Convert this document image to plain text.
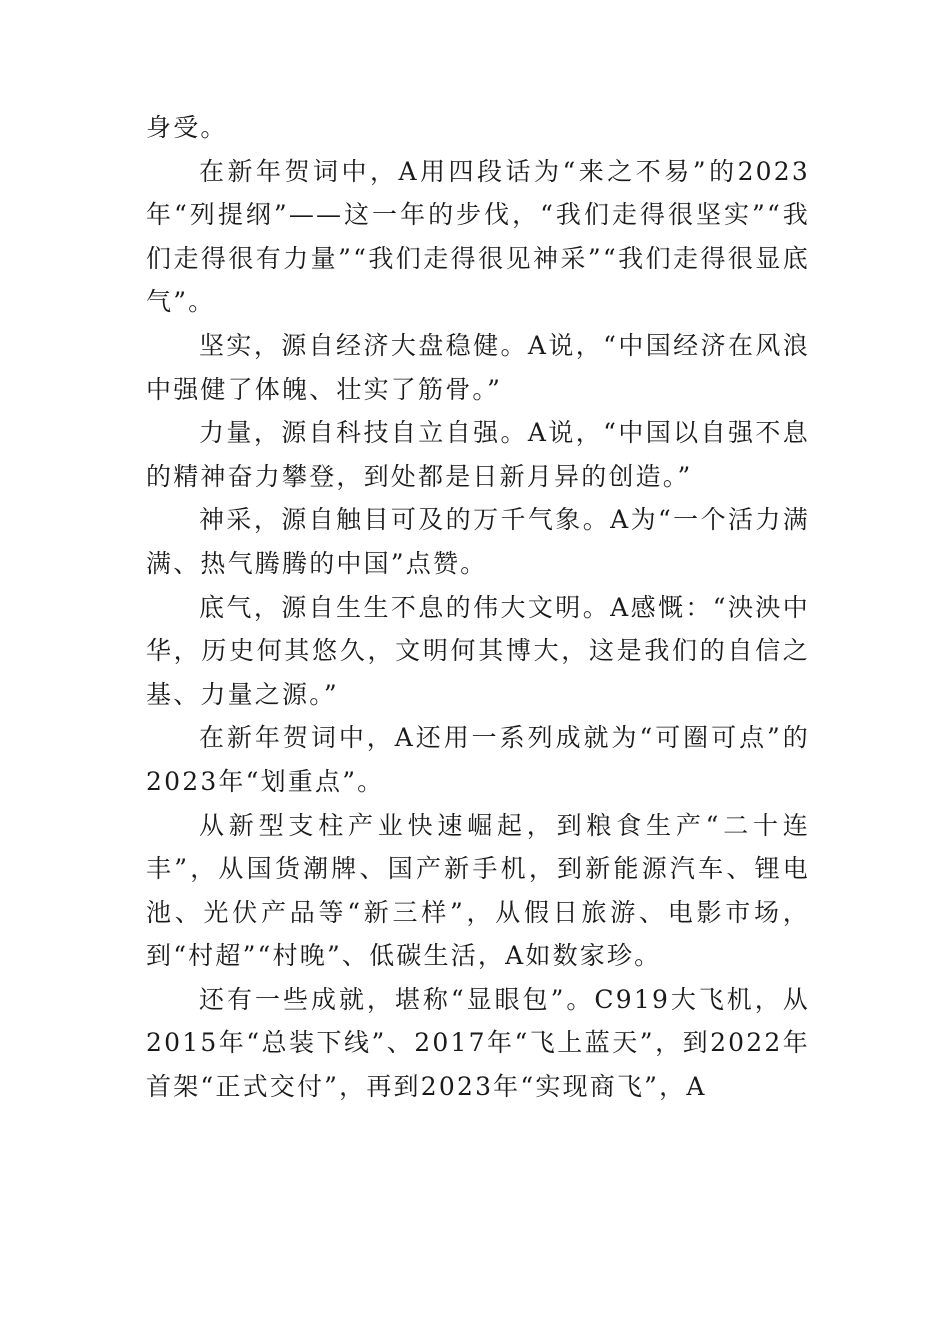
身受。

在新年贺词中，A用四段话为“来之不易”的2023年“列提纲”——这一年的步伐，“我们走得很坚实”“我们走得很有力量”“我们走得很见神采”“我们走得很显底气”。

坚实，源自经济大盘稳健。A说，“中国经济在风浪中强健了体魄、壮实了筋骨。”

力量，源自科技自立自强。A说，“中国以自强不息的精神奋力攀登，到处都是日新月异的创造。”

神采，源自触目可及的万千气象。A为“一个活力满满、热气腾腾的中国”点赞。

底气，源自生生不息的伟大文明。A感慨：“泱泱中华，历史何其悠久，文明何其博大，这是我们的自信之基、力量之源。”

在新年贺词中，A还用一系列成就为“可圈可点”的2023年“划重点”。

从新型支柱产业快速崛起，到粮食生产“二十连丰”，从国货潮牌、国产新手机，到新能源汽车、锂电池、光伏产品等“新三样”，从假日旅游、电影市场，到“村超”“村晚”、低碳生活，A如数家珍。

还有一些成就，堪称“显眼包”。C919大飞机，从2015年“总装下线”、2017年“飞上蓝天”，到2022年首架“正式交付”，再到2023年“实现商飞”，A
